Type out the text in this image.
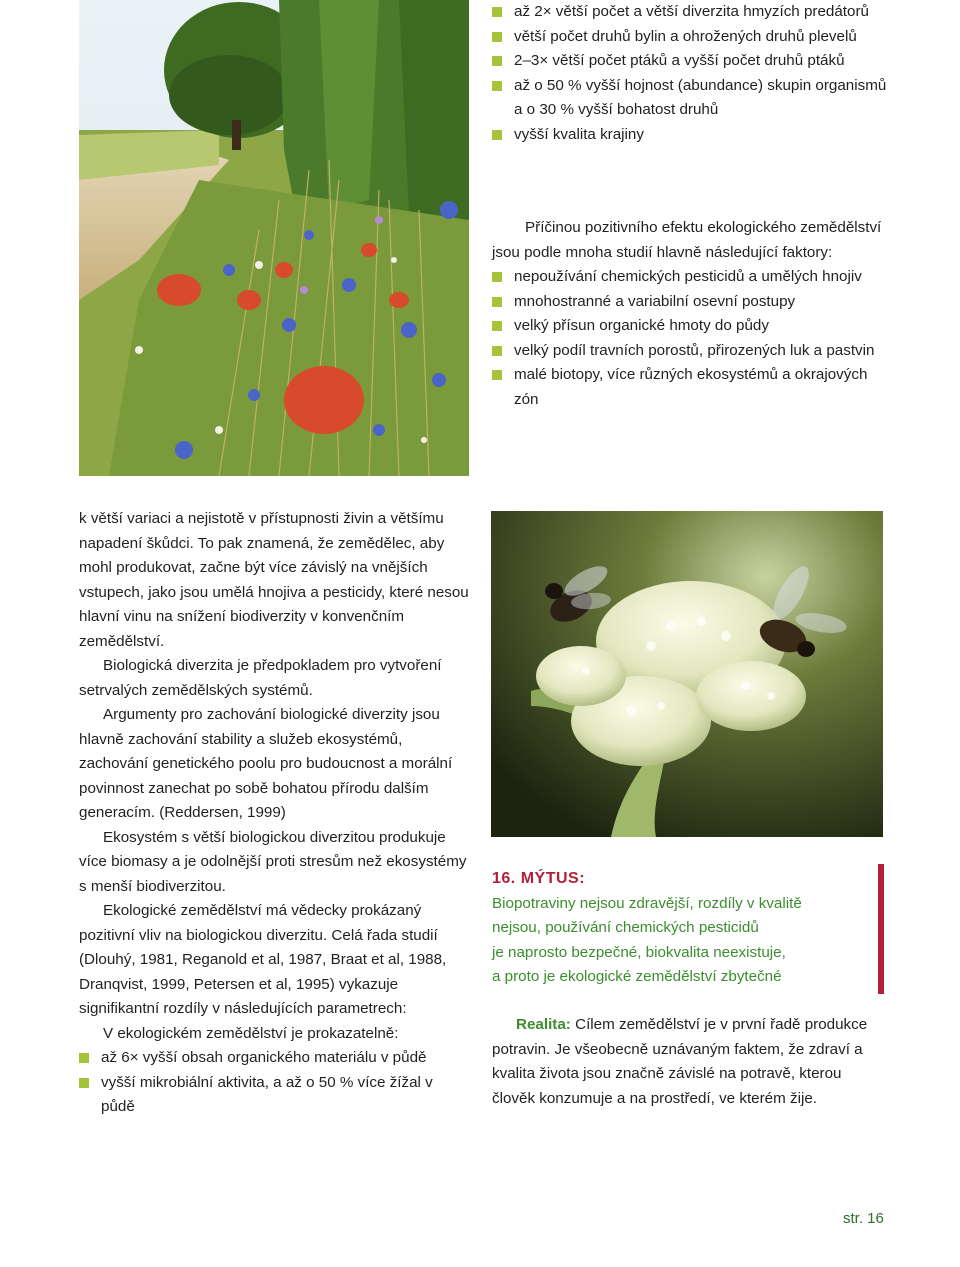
až 2× větší počet a větší diverzita hmyzích predátorů
větší počet druhů bylin a ohrožených druhů plevelů
2–3× větší počet ptáků a vyšší počet druhů ptáků
až o 50 % vyšší hojnost (abundance) skupin organismů a o 30 % vyšší bohatost druhů
vyšší kvalita krajiny

Příčinou pozitivního efektu ekologického zemědělství jsou podle mnoha studií hlavně následující faktory:

nepoužívání chemických pesticidů a umělých hnojiv
mnohostranné a variabilní osevní postupy
velký přísun organické hmoty do půdy
velký podíl travních porostů, přirozených luk a pastvin
malé biotopy, více různých ekosystémů a okrajových zón

k větší variaci a nejistotě v přístupnosti živin a většímu napadení škůdci. To pak znamená, že zemědělec, aby mohl produkovat, začne být více závislý na vnějších vstupech, jako jsou umělá hnojiva a pesticidy, které nesou hlavní vinu na snížení biodiverzity v konvenčním zemědělství.

Biologická diverzita je předpokladem pro vytvoření setrvalých zemědělských systémů.

Argumenty pro zachování biologické diverzity jsou hlavně zachování stability a služeb ekosystémů, zachování genetického poolu pro budoucnost a morální povinnost zanechat po sobě bohatou přírodu dalším generacím. (Reddersen, 1999)

Ekosystém s větší biologickou diverzitou produkuje více biomasy a je odolnější proti stresům než ekosystémy s menší biodiverzitou.

Ekologické zemědělství má vědecky prokázaný pozitivní vliv na biologickou diverzitu. Celá řada studií (Dlouhý, 1981, Reganold et al, 1987, Braat et al, 1988, Dranqvist, 1999, Petersen et al, 1995) vykazuje signifikantní rozdíly v následujících parametrech:

V ekologickém zemědělství je prokazatelně:

až 6× vyšší obsah organického materiálu v půdě
vyšší mikrobiální aktivita, a až o 50 % více žížal v půdě
16. MÝTUS:
Biopotraviny nejsou zdravější, rozdíly v kvalitě
nejsou, používání chemických pesticidů
je naprosto bezpečné, biokvalita neexistuje,
a proto je ekologické zemědělství zbytečné

Realita: Cílem zemědělství je v první řadě produkce potravin. Je všeobecně uznávaným faktem, že zdraví a kvalita života jsou značně závislé na potravě, kterou člověk konzumuje a na prostředí, ve kterém žije.

str. 16
